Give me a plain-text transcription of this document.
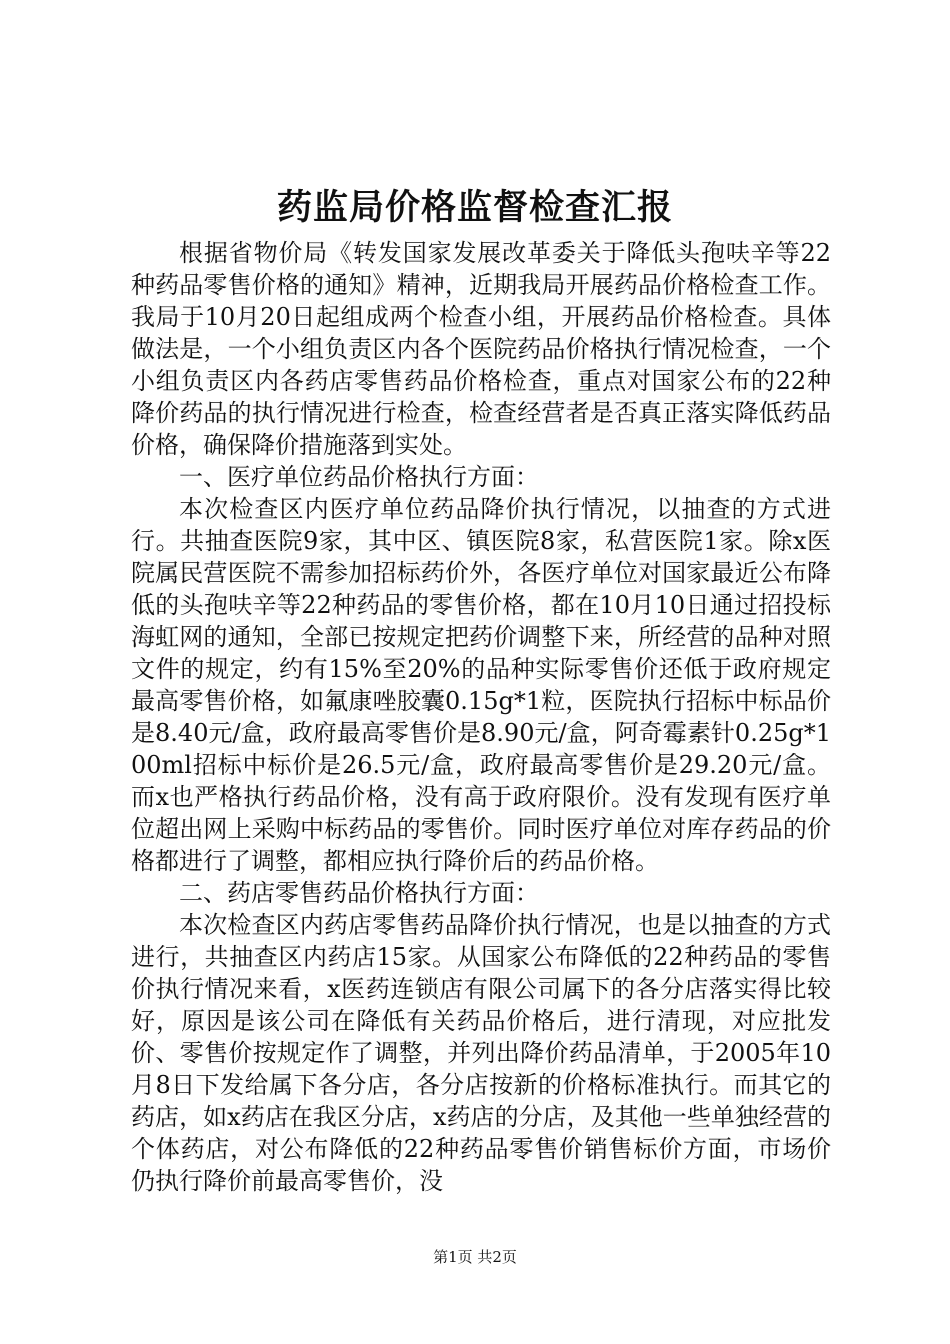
药监局价格监督检查汇报

根据省物价局《转发国家发展改革委关于降低头孢呋辛等22种药品零售价格的通知》精神，近期我局开展药品价格检查工作。我局于10月20日起组成两个检查小组，开展药品价格检查。具体做法是，一个小组负责区内各个医院药品价格执行情况检查，一个小组负责区内各药店零售药品价格检查，重点对国家公布的22种降价药品的执行情况进行检查，检查经营者是否真正落实降低药品价格，确保降价措施落到实处。

一、医疗单位药品价格执行方面：

本次检查区内医疗单位药品降价执行情况，以抽查的方式进行。共抽查医院9家，其中区、镇医院8家，私营医院1家。除x医院属民营医院不需参加招标药价外，各医疗单位对国家最近公布降低的头孢呋辛等22种药品的零售价格，都在10月10日通过招投标海虹网的通知，全部已按规定把药价调整下来，所经营的品种对照文件的规定，约有15%至20%的品种实际零售价还低于政府规定最高零售价格，如氟康唑胶囊0.15g*1粒，医院执行招标中标品价是8.40元/盒，政府最高零售价是8.90元/盒，阿奇霉素针0.25g*100ml招标中标价是26.5元/盒，政府最高零售价是29.20元/盒。而x也严格执行药品价格，没有高于政府限价。没有发现有医疗单位超出网上采购中标药品的零售价。同时医疗单位对库存药品的价格都进行了调整，都相应执行降价后的药品价格。

二、药店零售药品价格执行方面：

本次检查区内药店零售药品降价执行情况，也是以抽查的方式进行，共抽查区内药店15家。从国家公布降低的22种药品的零售价执行情况来看，x医药连锁店有限公司属下的各分店落实得比较好，原因是该公司在降低有关药品价格后，进行清现，对应批发价、零售价按规定作了调整，并列出降价药品清单，于2005年10月8日下发给属下各分店，各分店按新的价格标准执行。而其它的药店，如x药店在我区分店，x药店的分店，及其他一些单独经营的个体药店，对公布降低的22种药品零售价销售标价方面，市场价仍执行降价前最高零售价，没

第1页 共2页
